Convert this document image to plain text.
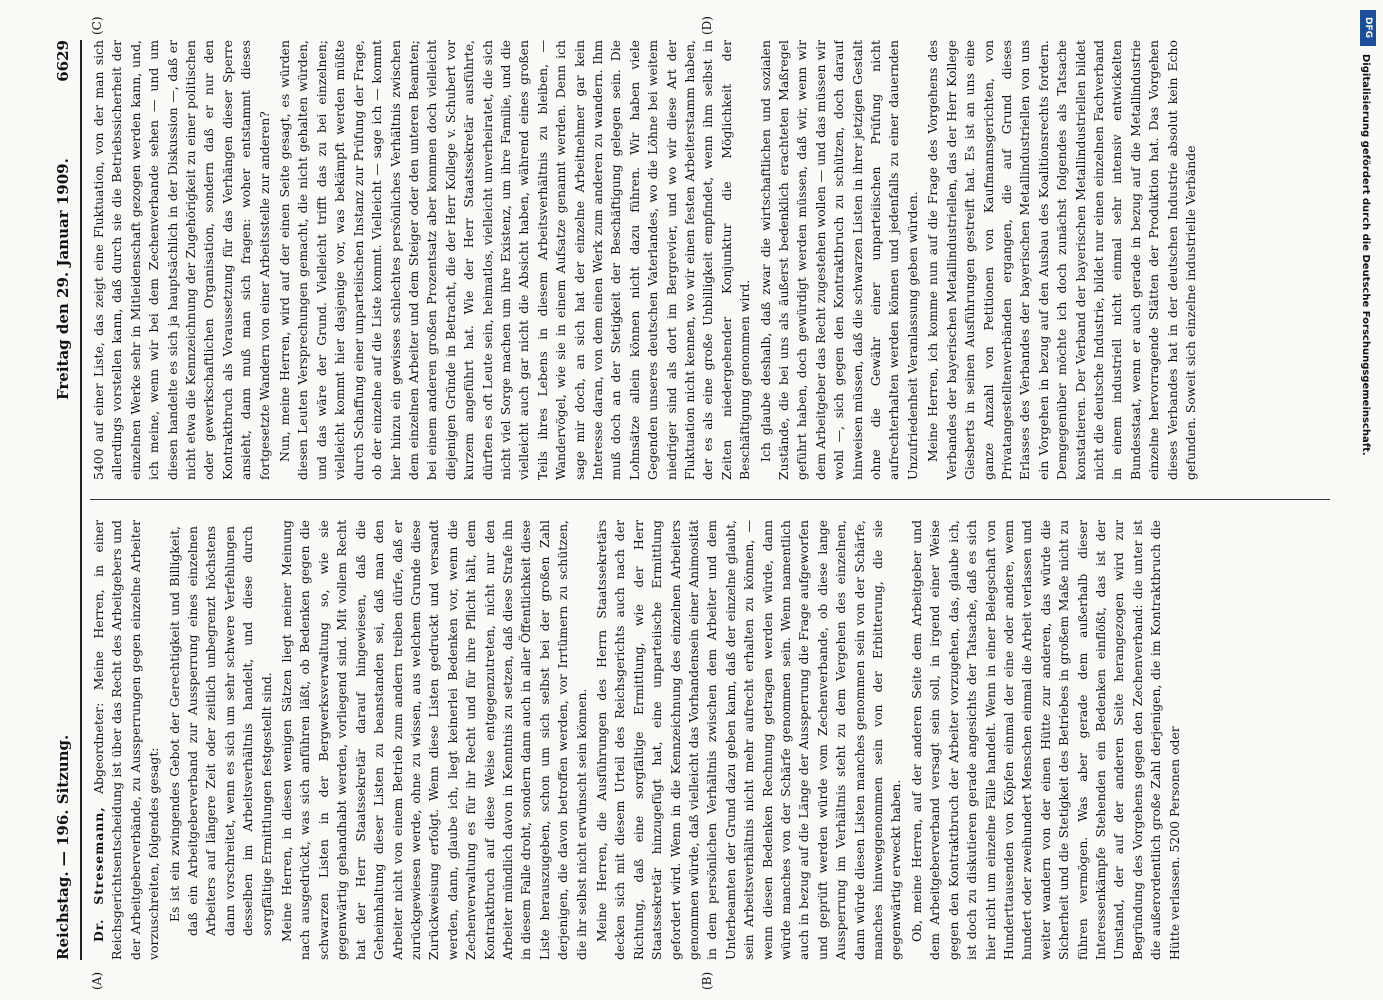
Reichstag. — 196. Sitzung.
Freitag den 29. Januar 1909.
6629

Dr. Stresemann, Abgeordneter: Meine Herren, in einer Reichsgerichtsentscheidung ist über das Recht des Arbeitgebers und der Arbeitgeberverbände, zu Aussperrungen gegen einzelne Arbeiter vorzuschreiten, folgendes gesagt: Es ist ein zwingendes Gebot der Gerechtigkeit und Billigkeit, daß ein Arbeitgeberverband zur Aussperrung eines einzelnen Arbeiters auf längere Zeit oder zeitlich unbegrenzt höchstens dann vorschreitet, wenn es sich um sehr schwere Verfehlungen desselben im Arbeitsverhältnis handelt, und diese durch sorgfältige Ermittlungen festgestellt sind. Meine Herren, in diesen wenigen Sätzen liegt meiner Meinung nach ausgedrückt, was sich anführen läßt, ob Bedenken gegen die schwarzen Listen in der Bergwerksverwaltung so, wie sie gegenwärtig gehandhabt werden, vorliegend sind. Mit vollem Recht hat der Herr Staatssekretär darauf hingewiesen, daß die Geheimhaltung dieser Listen zu beanstanden sei, daß man den Arbeiter nicht von einem Betrieb zum andern treiben dürfe, daß er zurückgewiesen werde, ohne zu wissen, aus welchem Grunde diese Zurückweisung erfolgt. Wenn diese Listen gedruckt und versandt werden, dann, glaube ich, liegt keinerlei Bedenken vor, wenn die Zechenverwaltung es für ihr Recht und für ihre Pflicht hält, dem Kontraktbruch auf diese Weise entgegenzutreten, nicht nur den Arbeiter mündlich davon in Kenntnis zu setzen, daß diese Strafe ihn in diesem Falle droht, sondern dann auch in aller Öffentlichkeit diese Liste herauszugeben, schon um sich selbst bei der großen Zahl derjenigen, die davon betroffen werden, vor Irrtümern zu schützen, die ihr selbst nicht erwünscht sein können. Meine Herren, die Ausführungen des Herrn Staatssekretärs decken sich mit diesem Urteil des Reichsgerichts auch nach der Richtung, daß eine sorgfältige Ermittlung, wie der Herr Staatssekretär hinzugefügt hat, eine unparteiische Ermittlung gefordert wird. Wenn in die Kennzeichnung des einzelnen Arbeiters genommen würde, daß vielleicht das Vorhandensein einer Animosität in dem persönlichen Verhältnis zwischen dem Arbeiter und dem Unterbeamten der Grund dazu geben kann, daß der einzelne glaubt, sein Arbeitsverhältnis nicht mehr aufrecht erhalten zu können, — wenn diesen Bedenken Rechnung getragen werden würde, dann würde manches von der Schärfe genommen sein. Wenn namentlich auch in bezug auf die Länge der Aussperrung die Frage aufgeworfen und geprüft werden würde vom Zechenverbande, ob diese lange Aussperrung im Verhältnis steht zu dem Vergehen des einzelnen, dann würde diesen Listen manches genommen sein von der Schärfe, manches hinweggenommen sein von der Erbitterung, die sie gegenwärtig erweckt haben. Ob, meine Herren, auf der anderen Seite dem Arbeitgeber und dem Arbeitgeberverband versagt sein soll, in irgend einer Weise gegen den Kontraktbruch der Arbeiter vorzugehen, das, glaube ich, ist doch zu diskutieren gerade angesichts der Tatsache, daß es sich hier nicht um einzelne Fälle handelt. Wenn in einer Belegschaft von Hunderttausenden von Köpfen einmal der eine oder andere, wenn hundert oder zweihundert Menschen einmal die Arbeit verlassen und weiter wandern von der einen Hütte zur anderen, das würde die Sicherheit und die Stetigkeit des Betriebes in großem Maße nicht zu führen vermögen. Was aber gerade dem außerhalb dieser Interessenkämpfe Stehenden ein Bedenken einflößt, das ist der Umstand, der auf der anderen Seite herangezogen wird zur Begründung des Vorgehens gegen den Zechenverband: die unter ist die außerordentlich große Zahl derjenigen, die im Kontraktbruch die Hütte verlassen. 5200 Personen oder

5400 auf einer Liste, das zeigt eine Fluktuation, von der man sich allerdings vorstellen kann, daß durch sie die Betriebssicherheit der einzelnen Werke sehr in Mitleidenschaft gezogen werden kann, und, ich meine, wenn wir bei dem Zechenverbande sehen — und um diesen handelte es sich ja hauptsächlich in der Diskussion —, daß er nicht etwa die Kennzeichnung der Zugehörigkeit zu einer politischen oder gewerkschaftlichen Organisation, sondern daß er nur den Kontraktbruch als Voraussetzung für das Verhängen dieser Sperre ansieht, dann muß man sich fragen: woher entstammt dieses fortgesetzte Wandern von einer Arbeitsstelle zur anderen? Nun, meine Herren, wird auf der einen Seite gesagt, es würden diesen Leuten Versprechungen gemacht, die nicht gehalten würden, und das wäre der Grund. Vielleicht trifft das zu bei einzelnen; vielleicht kommt hier dasjenige vor, was bekämpft werden müßte durch Schaffung einer unparteiischen Instanz zur Prüfung der Frage, ob der einzelne auf die Liste kommt. Vielleicht — sage ich — kommt hier hinzu ein gewisses schlechtes persönliches Verhältnis zwischen dem einzelnen Arbeiter und dem Steiger oder den unteren Beamten; bei einem anderen großen Prozentsatz aber kommen doch vielleicht diejenigen Gründe in Betracht, die der Herr Kollege v. Schubert vor kurzem angeführt hat. Wie der Herr Staatssekretär ausführte, dürften es oft Leute sein, heimatlos, vielleicht unverheiratet, die sich nicht viel Sorge machen um ihre Existenz, um ihre Familie, und die vielleicht auch gar nicht die Absicht haben, während eines großen Teils ihres Lebens in diesem Arbeitsverhältnis zu bleiben, — Wandervögel, wie sie in einem Aufsatze genannt werden. Denn ich sage mir doch, an sich hat der einzelne Arbeitnehmer gar kein Interesse daran, von dem einen Werk zum anderen zu wandern. Ihm muß doch an der Stetigkeit der Beschäftigung gelegen sein. Die Lohnsätze allein können nicht dazu führen. Wir haben viele Gegenden unseres deutschen Vaterlandes, wo die Löhne bei weitem niedriger sind als dort im Bergrevier, und wo wir diese Art der Fluktuation nicht kennen, wo wir einen festen Arbeiterstamm haben, der es als eine große Unbilligkeit empfindet, wenn ihm selbst in Zeiten niedergehender Konjunktur die Möglichkeit der Beschäftigung genommen wird. Ich glaube deshalb, daß zwar die wirtschaftlichen und sozialen Zustände, die bei uns als äußerst bedenklich erachteten Maßregel geführt haben, doch gewürdigt werden müssen, daß wir, wenn wir dem Arbeitgeber das Recht zugestehen wollen — und das müssen wir wohl —, sich gegen den Kontraktbruch zu schützen, doch darauf hinweisen müssen, daß die schwarzen Listen in ihrer jetzigen Gestalt ohne die Gewähr einer unparteiischen Prüfung nicht aufrechterhalten werden können und jedenfalls zu einer dauernden Unzufriedenheit Veranlassung geben würden. Meine Herren, ich komme nun auf die Frage des Vorgehens des Verbandes der bayerischen Metallindustriellen, das der Herr Kollege Giesberts in seinen Ausführungen gestreift hat. Es ist an uns eine ganze Anzahl von Petitionen von Kaufmannsgerichten, von Privatangestelltenverbänden ergangen, die auf Grund dieses Erlasses des Verbandes der bayerischen Metallindustriellen von uns ein Vorgehen in bezug auf den Ausbau des Koalitionsrechts fordern. Demgegenüber möchte ich doch zunächst folgendes als Tatsache konstatieren. Der Verband der bayerischen Metallindustriellen bildet nicht die deutsche Industrie, bildet nur einen einzelnen Fachverband in einem industriell nicht einmal sehr intensiv entwickelten Bundesstaat, wenn er auch gerade in bezug auf die Metallindustrie einzelne hervorragende Stätten der Produktion hat. Das Vorgehen dieses Verbandes hat in der deutschen Industrie absolut kein Echo gefunden. Soweit sich einzelne industrielle Verbände

(A)	(B)
(C)	(D)	DFG
Digitalisierung gefördert durch die Deutsche Forschungsgemeinschaft.
